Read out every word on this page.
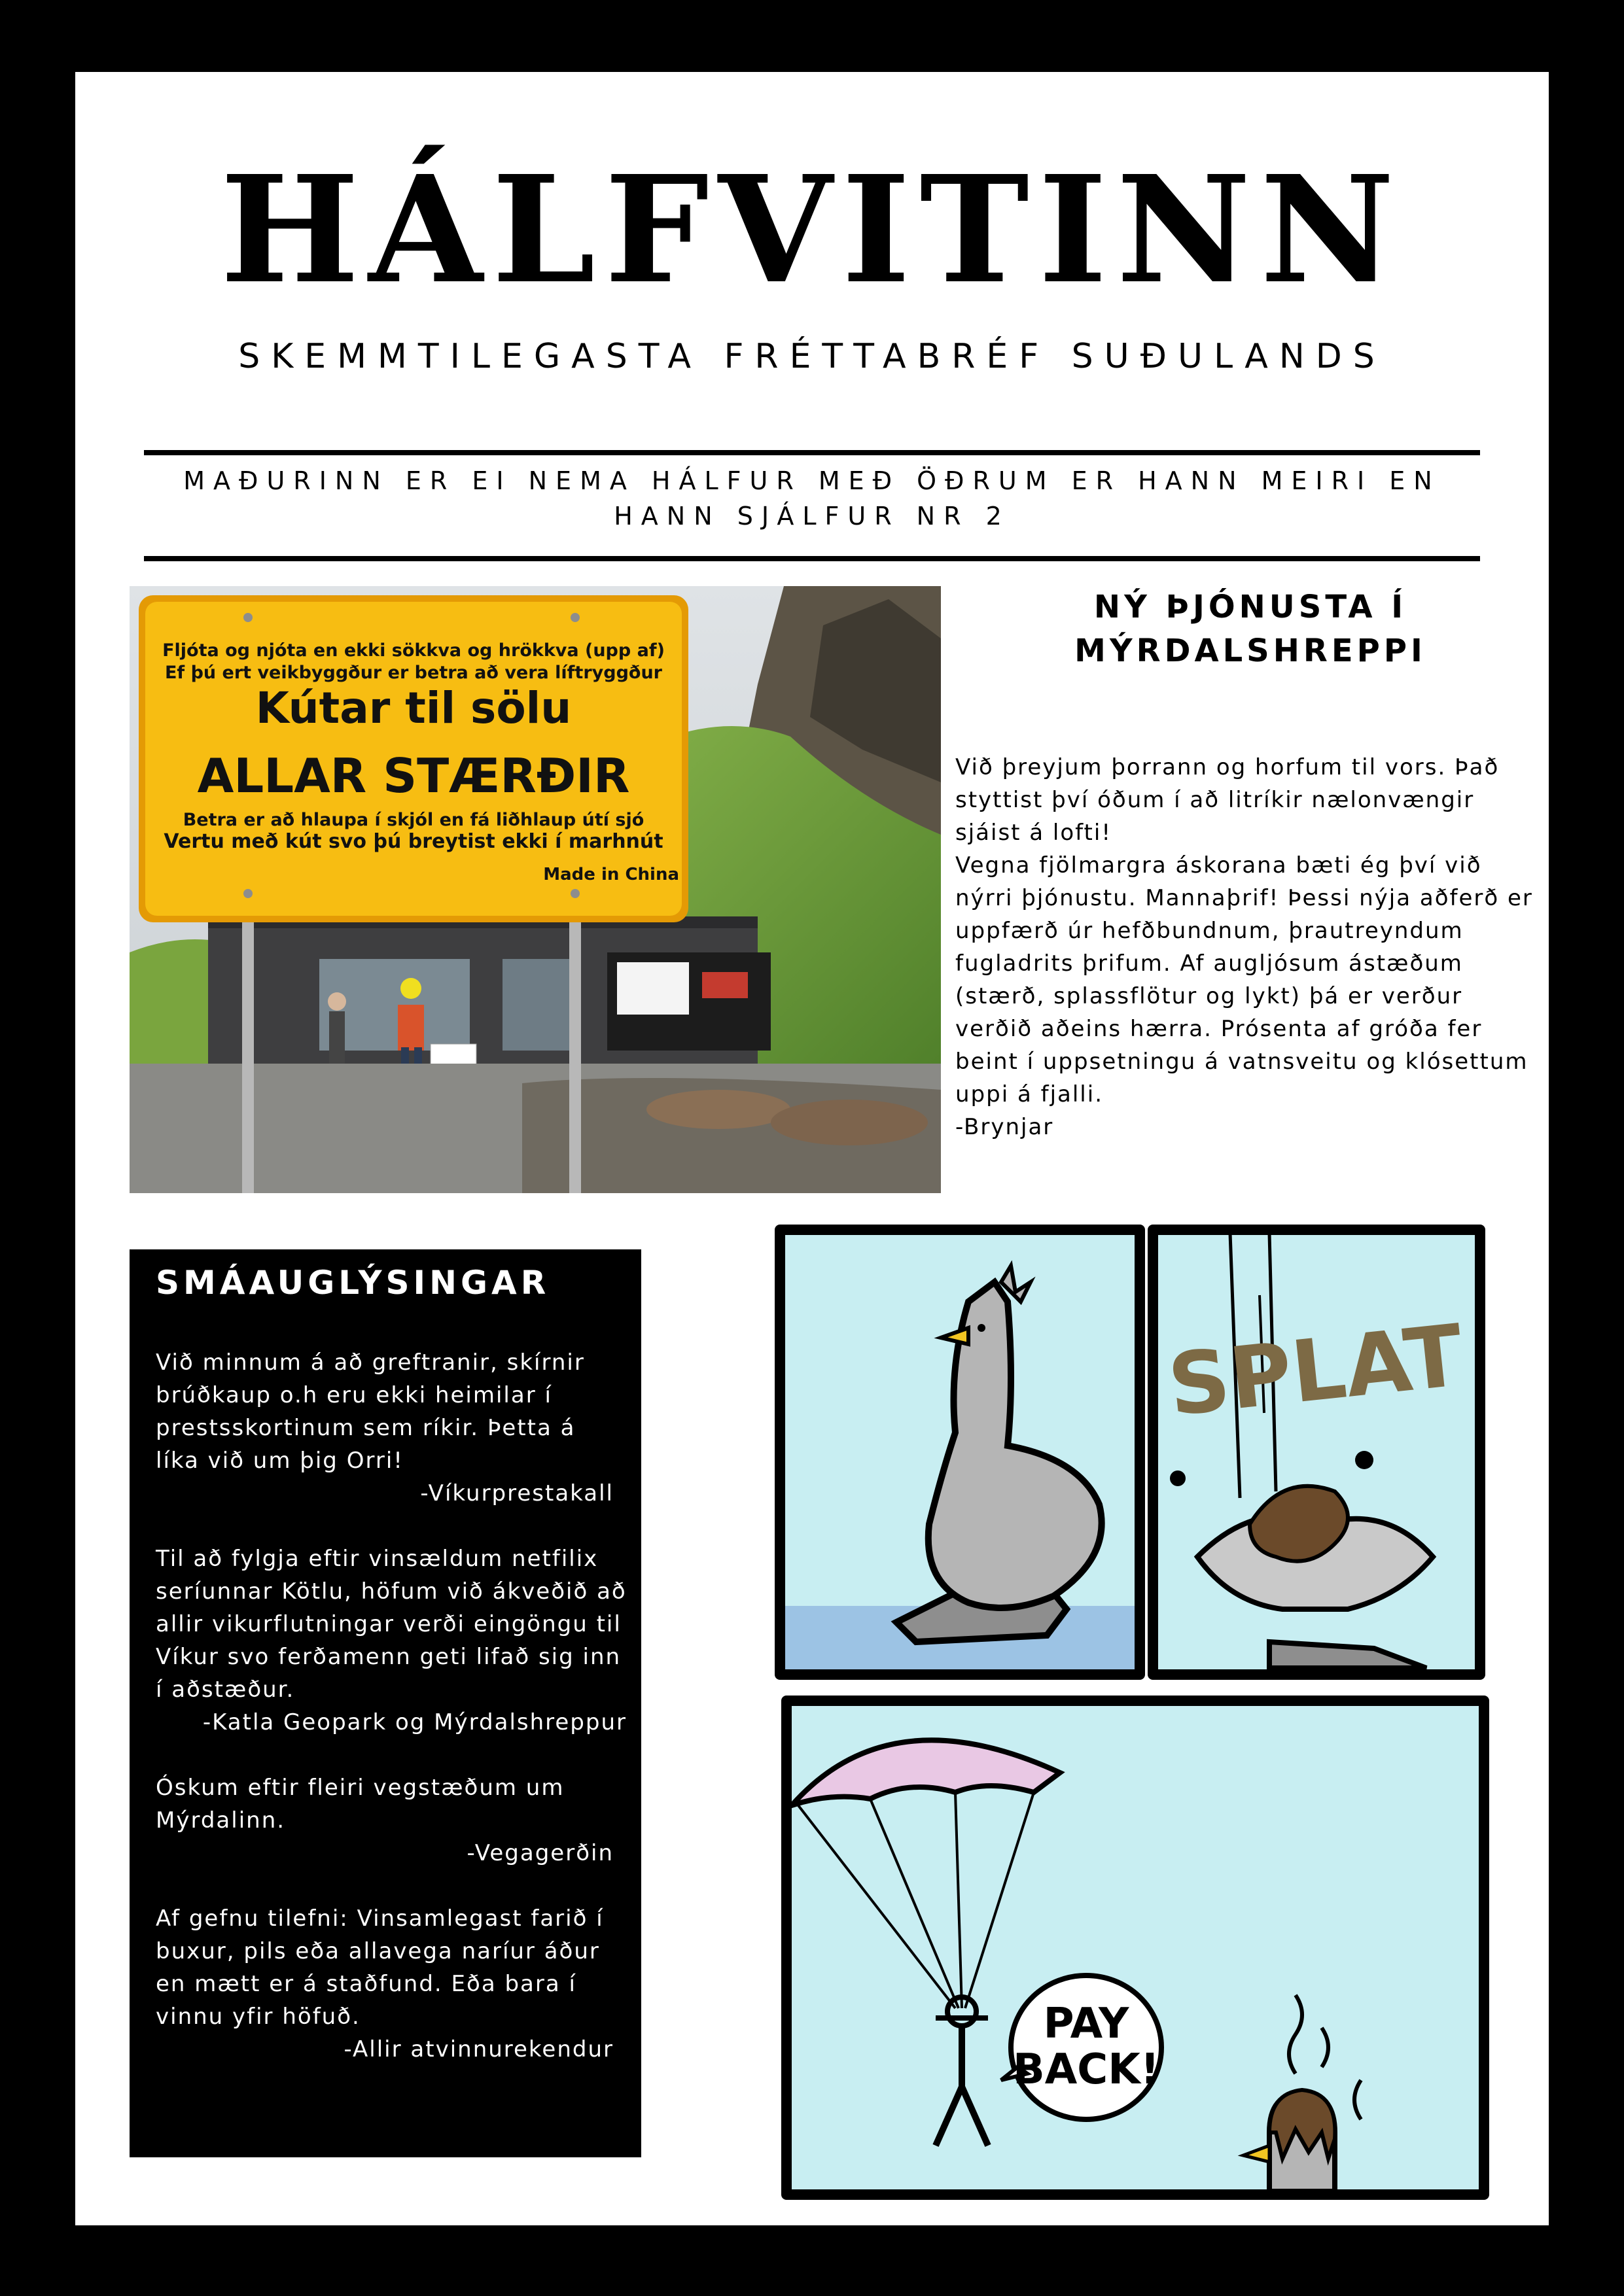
HÁLFVITINN
SKEMMTILEGASTA FRÉTTABRÉF SUÐULANDS
MAÐURINN ER EI NEMA HÁLFUR MEÐ ÖÐRUM ER HANN MEIRI EN HANN SJÁLFUR NR 2
Fljóta og njóta en ekki sökkva og hrökkva (upp af)
Ef þú ert veikbyggður er betra að vera líftryggður
Kútar til sölu
ALLAR STÆRÐIR
Betra er að hlaupa í skjól en fá liðhlaup útí sjó
Vertu með kút svo þú breytist ekki í marhnút
Made in China
NÝ ÞJÓNUSTA Í MÝRDALSHREPPI

Við þreyjum þorrann og horfum til vors. Það styttist því óðum í að litríkir nælonvængir sjáist á lofti!

Vegna fjölmargra áskorana bæti ég því við nýrri þjónustu. Mannaþrif! Þessi nýja aðferð er uppfærð úr hefðbundnum, þrautreyndum fugladrits þrifum. Af augljósum ástæðum (stærð, splassflötur og lykt) þá er verður verðið aðeins hærra. Prósenta af gróða fer beint í uppsetningu á vatnsveitu og klósettum uppi á fjalli.

-Brynjar

SMÁAUGLÝSINGAR

Við minnum á að greftranir, skírnir brúðkaup o.h eru ekki heimilar í prestsskortinum sem ríkir. Þetta á líka við um þig Orri!

-Víkurprestakall

Til að fylgja eftir vinsældum netfilix seríunnar Kötlu, höfum við ákveðið að allir vikurflutningar verði eingöngu til Víkur svo ferðamenn geti lifað sig inn í aðstæður.

-Katla Geopark og Mýrdalshreppur

Óskum eftir fleiri vegstæðum um Mýrdalinn.

-Vegagerðin

Af gefnu tilefni: Vinsamlegast farið í buxur, pils eða allavega naríur áður en mætt er á staðfund. Eða bara í vinnu yfir höfuð.

-Allir atvinnurekendur

SPLAT
PAY
BACK!
